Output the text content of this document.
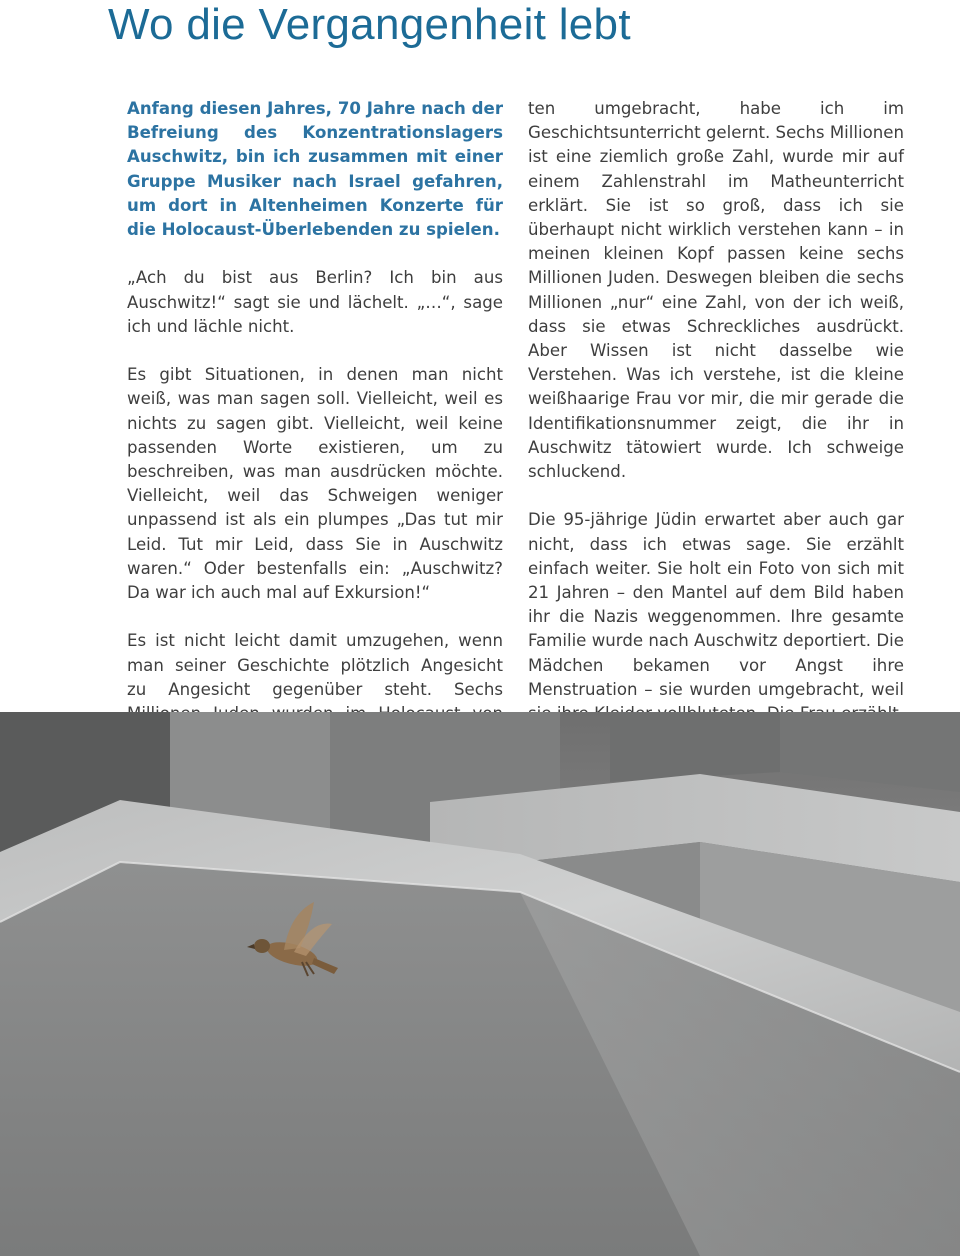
Wo die Vergangenheit lebt

Anfang diesen Jahres, 70 Jahre nach der Befreiung des Konzentrationslagers Auschwitz, bin ich zusammen mit einer Gruppe Musiker nach Israel gefahren, um dort in Altenheimen Konzerte für die Holocaust-Überlebenden zu spielen.

„Ach du bist aus Berlin? Ich bin aus Auschwitz!“ sagt sie und lächelt. „…“, sage ich und lächle nicht.

Es gibt Situationen, in denen man nicht weiß, was man sagen soll. Vielleicht, weil es nichts zu sagen gibt. Vielleicht, weil keine passenden Worte existieren, um zu beschreiben, was man ausdrücken möchte. Vielleicht, weil das Schweigen weniger unpassend ist als ein plumpes „Das tut mir Leid. Tut mir Leid, dass Sie in Auschwitz waren.“ Oder bestenfalls ein: „Auschwitz? Da war ich auch mal auf Exkursion!“

Es ist nicht leicht damit umzugehen, wenn man seiner Geschichte plötzlich Angesicht zu Angesicht gegenüber steht. Sechs

ten umgebracht, habe ich im Geschichtsunterricht gelernt. Sechs Millionen ist eine ziemlich große Zahl, wurde mir auf einem Zahlenstrahl im Matheunterricht erklärt. Sie ist so groß, dass ich sie überhaupt nicht wirklich verstehen kann – in meinen kleinen Kopf passen keine sechs Millionen Juden. Deswegen bleiben die sechs Millionen „nur“ eine Zahl, von der ich weiß, dass sie etwas Schreckliches ausdrückt. Aber Wissen ist nicht dasselbe wie Verstehen. Was ich verstehe, ist die kleine weißhaarige Frau vor mir, die mir gerade die Identifikationsnummer zeigt, die ihr in Auschwitz tätowiert wurde. Ich schweige schluckend.

Die 95-jährige Jüdin erwartet aber auch gar nicht, dass ich etwas sage. Sie erzählt einfach weiter. Sie holt ein Foto von sich mit 21 Jahren – den Mantel auf dem Bild haben ihr die Nazis weggenommen. Ihre gesamte Familie wurde nach Auschwitz deportiert. Die Mädchen bekamen vor Angst ihre Menstruation – sie wurden umgebracht, weil
